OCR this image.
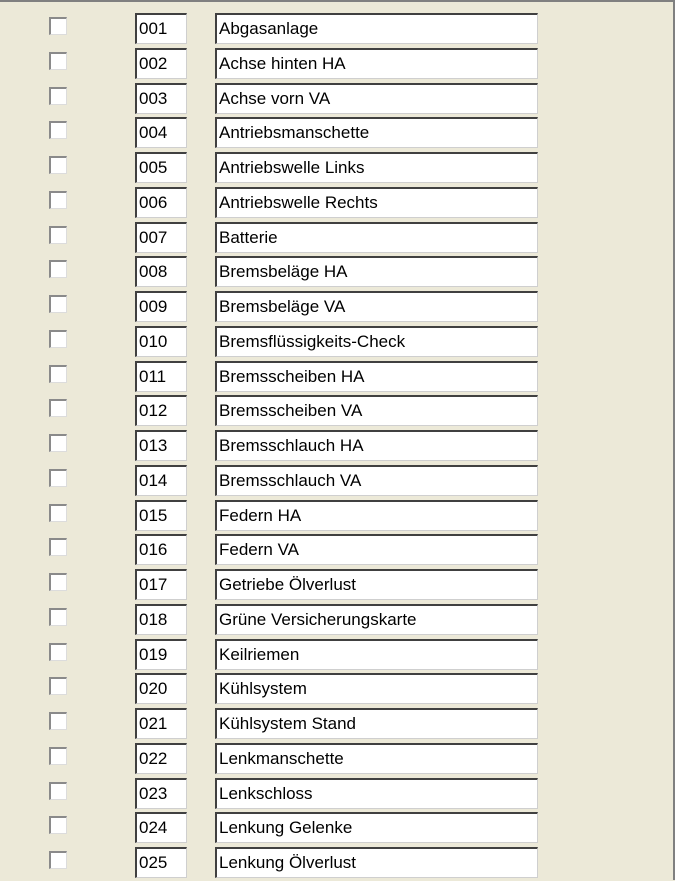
001	Abgasanlage
002	Achse hinten HA
003	Achse vorn VA
004	Antriebsmanschette
005	Antriebswelle Links
006	Antriebswelle Rechts
007	Batterie
008	Bremsbeläge HA
009	Bremsbeläge VA
010	Bremsflüssigkeits-Check
011	Bremsscheiben HA
012	Bremsscheiben VA
013	Bremsschlauch HA
014	Bremsschlauch VA
015	Federn HA
016	Federn VA
017	Getriebe Ölverlust
018	Grüne Versicherungskarte
019	Keilriemen
020	Kühlsystem
021	Kühlsystem Stand
022	Lenkmanschette
023	Lenkschloss
024	Lenkung Gelenke
025	Lenkung Ölverlust
